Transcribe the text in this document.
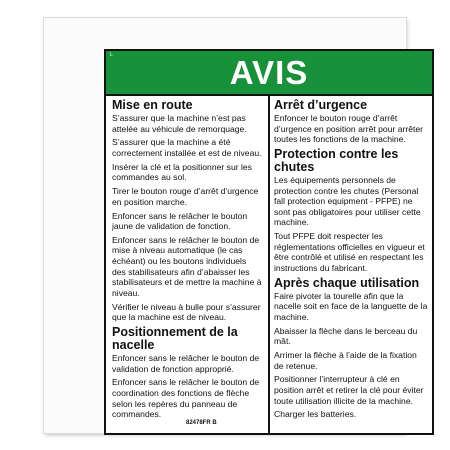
L	AVIS
Mise en route

S’assurer que la machine n’est pas attelée au véhicule de remorquage.

S’assurer que la machine a été correctement installée et est de niveau.

Insérer la clé et la positionner sur les commandes au sol.

Tirer le bouton rouge d’arrêt d’urgence en position marche.

Enfoncer sans le relâcher le bouton jaune de validation de fonction.

Enfoncer sans le relâcher le bouton de mise à niveau automatique (le cas échéant) ou les boutons individuels des stabilisateurs afin d’abaisser les stabilisateurs et de mettre la machine à niveau.

Vérifier le niveau à bulle pour s’assurer que la machine est de niveau.

Positionnement de la nacelle

Enfoncer sans le relâcher le bouton de validation de fonction approprié.

Enfoncer sans le relâcher le bouton de coordination des fonctions de flèche selon les repères du panneau de commandes.

Arrêt d’urgence

Enfoncer le bouton rouge d’arrêt d’urgence en position arrêt pour arrêter toutes les fonctions de la machine.

Protection contre les chutes

Les équipements personnels de protection contre les chutes (Personal fall protection equipment - PFPE) ne sont pas obligatoires pour utiliser cette machine.

Tout PFPE doit respecter les réglementations officielles en vigueur et être contrôlé et utilisé en respectant les instructions du fabricant.

Après chaque utilisation

Faire pivoter la tourelle afin que la nacelle soit en face de la languette de la machine.

Abaisser la flèche dans le berceau du mât.

Arrimer la flèche à l’aide de la fixation de retenue.

Positionner l’interrupteur à clé en position arrêt et retirer la clé pour éviter toute utilisation illicite de la machine.

Charger les batteries.

82478FR B
